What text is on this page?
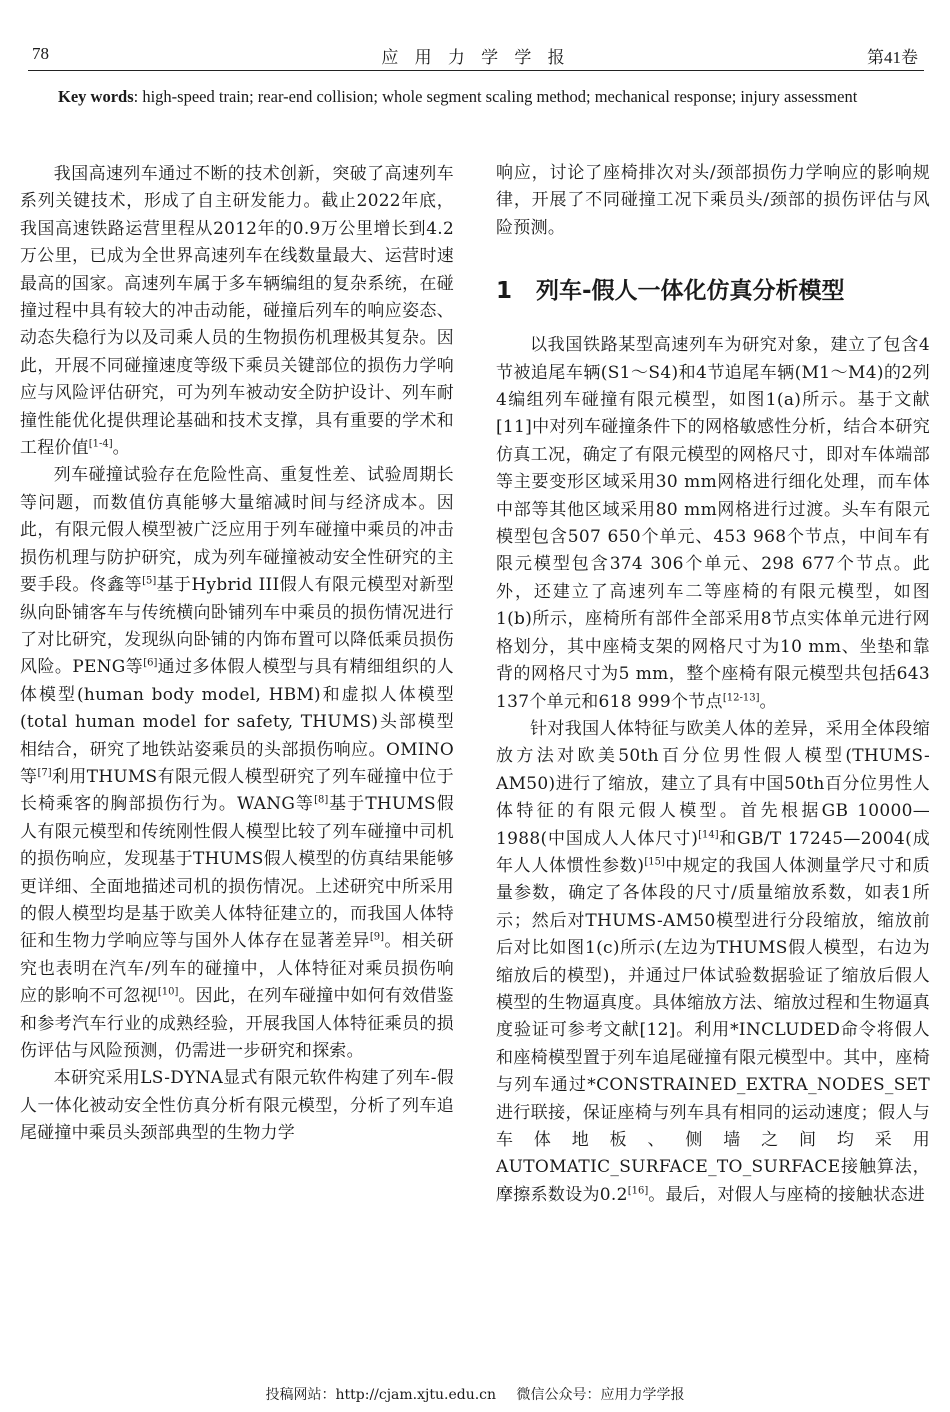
78	应 用 力 学 学 报	第41卷
Key words: high-speed train; rear-end collision; whole segment scaling method; mechanical response; injury assessment

我国高速列车通过不断的技术创新，突破了高速列车系列关键技术，形成了自主研发能力。截止2022年底，我国高速铁路运营里程从2012年的0.9万公里增长到4.2万公里，已成为全世界高速列车在线数量最大、运营时速最高的国家。高速列车属于多车辆编组的复杂系统，在碰撞过程中具有较大的冲击动能，碰撞后列车的响应姿态、动态失稳行为以及司乘人员的生物损伤机理极其复杂。因此，开展不同碰撞速度等级下乘员关键部位的损伤力学响应与风险评估研究，可为列车被动安全防护设计、列车耐撞性能优化提供理论基础和技术支撑，具有重要的学术和工程价值[1-4]。

列车碰撞试验存在危险性高、重复性差、试验周期长等问题，而数值仿真能够大量缩减时间与经济成本。因此，有限元假人模型被广泛应用于列车碰撞中乘员的冲击损伤机理与防护研究，成为列车碰撞被动安全性研究的主要手段。佟鑫等[5]基于Hybrid III假人有限元模型对新型纵向卧铺客车与传统横向卧铺列车中乘员的损伤情况进行了对比研究，发现纵向卧铺的内饰布置可以降低乘员损伤风险。PENG等[6]通过多体假人模型与具有精细组织的人体模型(human body model, HBM)和虚拟人体模型(total human model for safety, THUMS)头部模型相结合，研究了地铁站姿乘员的头部损伤响应。OMINO等[7]利用THUMS有限元假人模型研究了列车碰撞中位于长椅乘客的胸部损伤行为。WANG等[8]基于THUMS假人有限元模型和传统刚性假人模型比较了列车碰撞中司机的损伤响应，发现基于THUMS假人模型的仿真结果能够更详细、全面地描述司机的损伤情况。上述研究中所采用的假人模型均是基于欧美人体特征建立的，而我国人体特征和生物力学响应等与国外人体存在显著差异[9]。相关研究也表明在汽车/列车的碰撞中，人体特征对乘员损伤响应的影响不可忽视[10]。因此，在列车碰撞中如何有效借鉴和参考汽车行业的成熟经验，开展我国人体特征乘员的损伤评估与风险预测，仍需进一步研究和探索。

本研究采用LS-DYNA显式有限元软件构建了列车-假人一体化被动安全性仿真分析有限元模型，分析了列车追尾碰撞中乘员头颈部典型的生物力学

响应，讨论了座椅排次对头/颈部损伤力学响应的影响规律，开展了不同碰撞工况下乘员头/颈部的损伤评估与风险预测。

1 列车-假人一体化仿真分析模型

以我国铁路某型高速列车为研究对象，建立了包含4节被追尾车辆(S1～S4)和4节追尾车辆(M1～M4)的2列4编组列车碰撞有限元模型，如图1(a)所示。基于文献[11]中对列车碰撞条件下的网格敏感性分析，结合本研究仿真工况，确定了有限元模型的网格尺寸，即对车体端部等主要变形区域采用30 mm网格进行细化处理，而车体中部等其他区域采用80 mm网格进行过渡。头车有限元模型包含507 650个单元、453 968个节点，中间车有限元模型包含374 306个单元、298 677个节点。此外，还建立了高速列车二等座椅的有限元模型，如图1(b)所示，座椅所有部件全部采用8节点实体单元进行网格划分，其中座椅支架的网格尺寸为10 mm、坐垫和靠背的网格尺寸为5 mm，整个座椅有限元模型共包括643 137个单元和618 999个节点[12-13]。

针对我国人体特征与欧美人体的差异，采用全体段缩放方法对欧美50th百分位男性假人模型(THUMS-AM50)进行了缩放，建立了具有中国50th百分位男性人体特征的有限元假人模型。首先根据GB 10000—1988(中国成人人体尺寸)[14]和GB/T 17245—2004(成年人人体惯性参数)[15]中规定的我国人体测量学尺寸和质量参数，确定了各体段的尺寸/质量缩放系数，如表1所示；然后对THUMS-AM50模型进行分段缩放，缩放前后对比如图1(c)所示(左边为THUMS假人模型，右边为缩放后的模型)，并通过尸体试验数据验证了缩放后假人模型的生物逼真度。具体缩放方法、缩放过程和生物逼真度验证可参考文献[12]。利用*INCLUDED命令将假人和座椅模型置于列车追尾碰撞有限元模型中。其中，座椅与列车通过*CONSTRAINED_EXTRA_NODES_SET进行联接，保证座椅与列车具有相同的运动速度；假人与车体地板、侧墙之间均采用AUTOMATIC_SURFACE_TO_SURFACE接触算法，摩擦系数设为0.2[16]。最后，对假人与座椅的接触状态进

投稿网站：http://cjam.xjtu.edu.cn 微信公众号：应用力学学报
